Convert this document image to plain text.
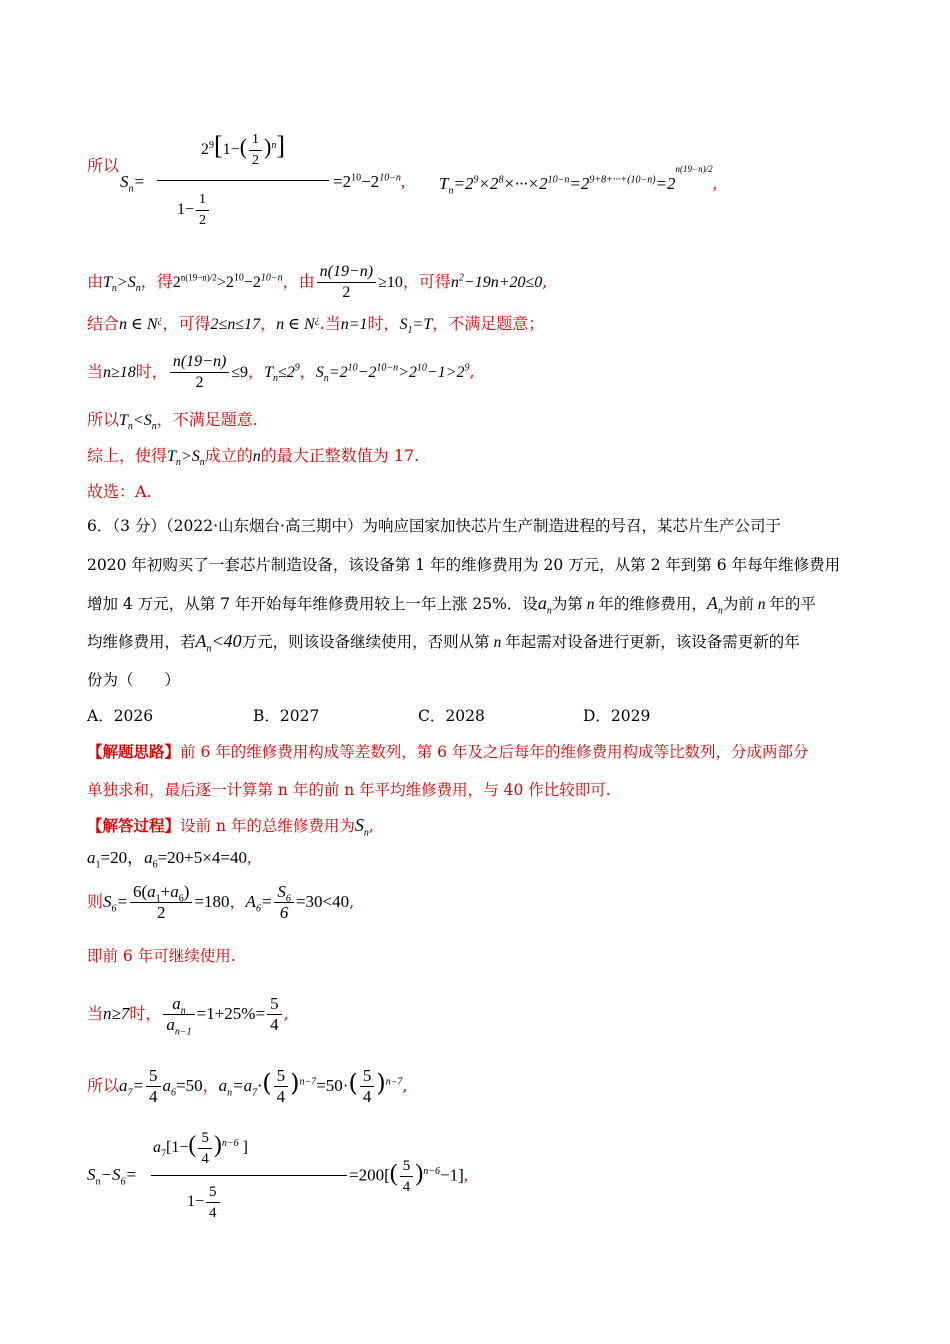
所以
$S_n=$
$2^9[1-( \frac{1}{2} )^n]$
$1- \frac{1}{2}$
$=2^{10}-2^{10-n}$, $T_n=2^9\times 2^8\times\cdot\cdot\cdot\times 2^{10-n}=2^{9+8+\cdot\cdot\cdot+(10-n)}=2^{n(19-n)/2}$,
由$T_n>S_n$，得$2^{n(19-n)/2}>2^{10}-2^{10-n}$，由 $\frac{n(19-n)}{2} \ge 10$，可得$n^2-19n+20\le 0$,
结合n ∈ N¿，可得2≤n≤17，n ∈ N¿.当n=1时，$S_1=T$，不满足题意；
当n≥18时， $\frac{n(19-n)}{2} \le 9$，$T_n\le 2^9$，$S_n=2^{10}-2^{10-n}>2^{10}-1>2^9$,
所以$T_n<S_n$，不满足题意.
综上，使得$T_n>S_n$成立的n的最大正整数值为 17.
故选：A.
6．（3 分）（2022·山东烟台·高三期中）为响应国家加快芯片生产制造进程的号召，某芯片生产公司于
2020 年初购买了一套芯片制造设备，该设备第 1 年的维修费用为 20 万元，从第 2 年到第 6 年每年维修费用
增加 4 万元，从第 7 年开始每年维修费用较上一年上涨 25%．设$a_n$为第 n 年的维修费用，$A_n$为前 n 年的平
均维修费用，若$A_n<40$万元，则该设备继续使用，否则从第 n 年起需对设备进行更新，该设备需更新的年
份为（　　）
A．2026	B．2027	C．2028	D．2029
【解题思路】前 6 年的维修费用构成等差数列，第 6 年及之后每年的维修费用构成等比数列，分成两部分
单独求和，最后逐一计算第 n 年的前 n 年平均维修费用，与 40 作比较即可.
【解答过程】设前 n 年的总维修费用为$S_n$,
$a_1=20$，$a_6=20+5\times 4=40$,
则$S_6= \frac{6(a_1+a_6)}{2} =180$，$A_6= \frac{S_6}{6} =30<40$,
即前 6 年可继续使用.
当n≥7时， $\frac{a_n}{a_{n-1}} =1+25\%= \frac{5}{4}$ ,
所以$a_7= \frac{5}{4} a_6=50$，$a_n=a_7\cdot( \frac{5}{4} )^{n-7}=50\cdot( \frac{5}{4} )^{n-7}$,
$S_n-S_6=$
$a_7[1-( \frac{5}{4} )^{n-6}$ ]
$1- \frac{5}{4}$
$=200[( \frac{5}{4} )^{n-6}-1]$,
